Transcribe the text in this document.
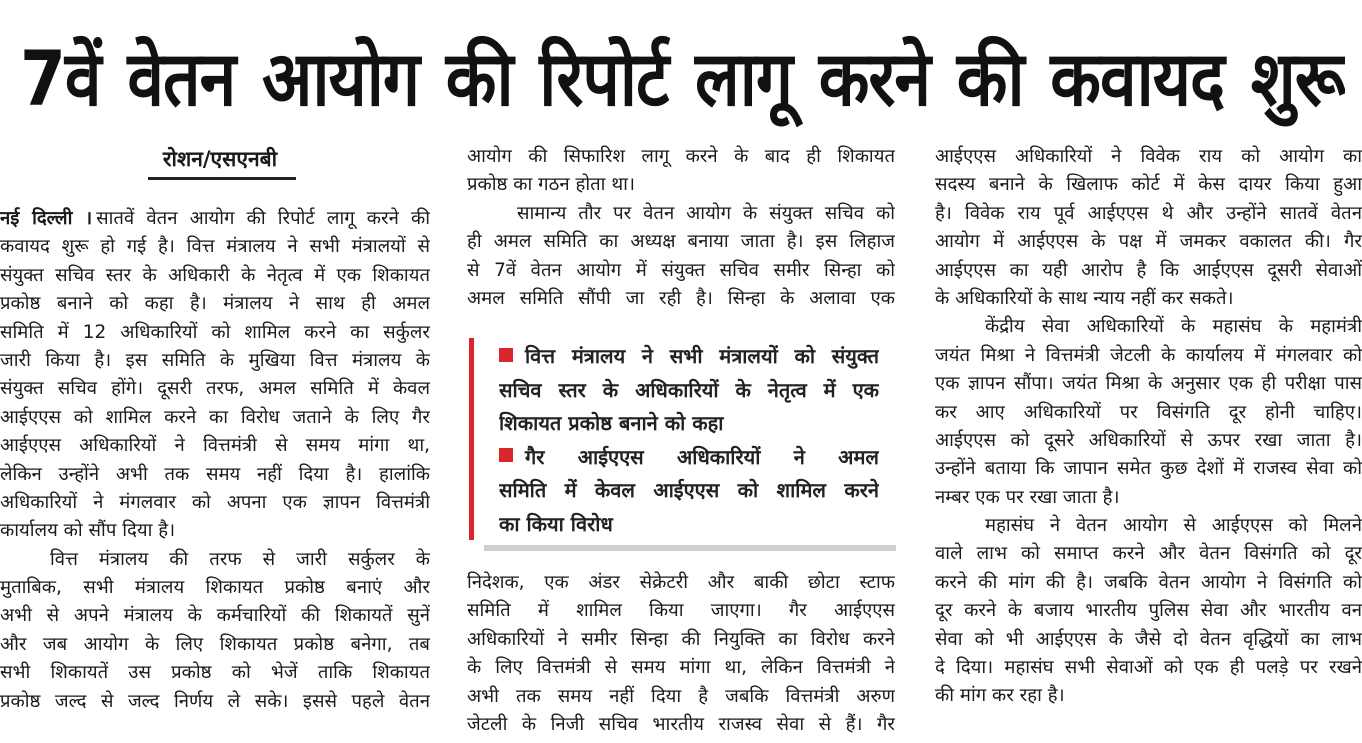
7वें वेतन आयोग की रिपोर्ट लागू करने की कवायद शुरू
रोशन/एसएनबी
नई दिल्ली । सातवें वेतन आयोग की रिपोर्ट लागू करने की
कवायद शुरू हो गई है। वित्त मंत्रालय ने सभी मंत्रालयों से
संयुक्त सचिव स्तर के अधिकारी के नेतृत्व में एक शिकायत
प्रकोष्ठ बनाने को कहा है। मंत्रालय ने साथ ही अमल
समिति में 12 अधिकारियों को शामिल करने का सर्कुलर
जारी किया है। इस समिति के मुखिया वित्त मंत्रालय के
संयुक्त सचिव होंगे। दूसरी तरफ, अमल समिति में केवल
आईएएस को शामिल करने का विरोध जताने के लिए गैर
आईएएस अधिकारियों ने वित्तमंत्री से समय मांगा था,
लेकिन उन्होंने अभी तक समय नहीं दिया है। हालांकि
अधिकारियों ने मंगलवार को अपना एक ज्ञापन वित्तमंत्री
कार्यालय को सौंप दिया है।
वित्त मंत्रालय की तरफ से जारी सर्कुलर के
मुताबिक, सभी मंत्रालय शिकायत प्रकोष्ठ बनाएं और
अभी से अपने मंत्रालय के कर्मचारियों की शिकायतें सुनें
और जब आयोग के लिए शिकायत प्रकोष्ठ बनेगा, तब
सभी शिकायतें उस प्रकोष्ठ को भेजें ताकि शिकायत
प्रकोष्ठ जल्द से जल्द निर्णय ले सके। इससे पहले वेतन
आयोग की सिफारिश लागू करने के बाद ही शिकायत
प्रकोष्ठ का गठन होता था।
सामान्य तौर पर वेतन आयोग के संयुक्त सचिव को
ही अमल समिति का अध्यक्ष बनाया जाता है। इस लिहाज
से 7वें वेतन आयोग में संयुक्त सचिव समीर सिन्हा को
अमल समिति सौंपी जा रही है। सिन्हा के अलावा एक
वित्त मंत्रालय ने सभी मंत्रालयों को संयुक्त
सचिव स्तर के अधिकारियों के नेतृत्व में एक
शिकायत प्रकोष्ठ बनाने को कहा
गैर आईएएस अधिकारियों ने अमल
समिति में केवल आईएएस को शामिल करने
का किया विरोध
निदेशक, एक अंडर सेक्रेटरी और बाकी छोटा स्टाफ
समिति में शामिल किया जाएगा। गैर आईएएस
अधिकारियों ने समीर सिन्हा की नियुक्ति का विरोध करने
के लिए वित्तमंत्री से समय मांगा था, लेकिन वित्तमंत्री ने
अभी तक समय नहीं दिया है जबकि वित्तमंत्री अरुण
जेटली के निजी सचिव भारतीय राजस्व सेवा से हैं। गैर
आईएएस अधिकारियों ने विवेक राय को आयोग का
सदस्य बनाने के खिलाफ कोर्ट में केस दायर किया हुआ
है। विवेक राय पूर्व आईएएस थे और उन्होंने सातवें वेतन
आयोग में आईएएस के पक्ष में जमकर वकालत की। गैर
आईएएस का यही आरोप है कि आईएएस दूसरी सेवाओं
के अधिकारियों के साथ न्याय नहीं कर सकते।
केंद्रीय सेवा अधिकारियों के महासंघ के महामंत्री
जयंत मिश्रा ने वित्तमंत्री जेटली के कार्यालय में मंगलवार को
एक ज्ञापन सौंपा। जयंत मिश्रा के अनुसार एक ही परीक्षा पास
कर आए अधिकारियों पर विसंगति दूर होनी चाहिए।
आईएएस को दूसरे अधिकारियों से ऊपर रखा जाता है।
उन्होंने बताया कि जापान समेत कुछ देशों में राजस्व सेवा को
नम्बर एक पर रखा जाता है।
महासंघ ने वेतन आयोग से आईएएस को मिलने
वाले लाभ को समाप्त करने और वेतन विसंगति को दूर
करने की मांग की है। जबकि वेतन आयोग ने विसंगति को
दूर करने के बजाय भारतीय पुलिस सेवा और भारतीय वन
सेवा को भी आईएएस के जैसे दो वेतन वृद्धियों का लाभ
दे दिया। महासंघ सभी सेवाओं को एक ही पलड़े पर रखने
की मांग कर रहा है।
